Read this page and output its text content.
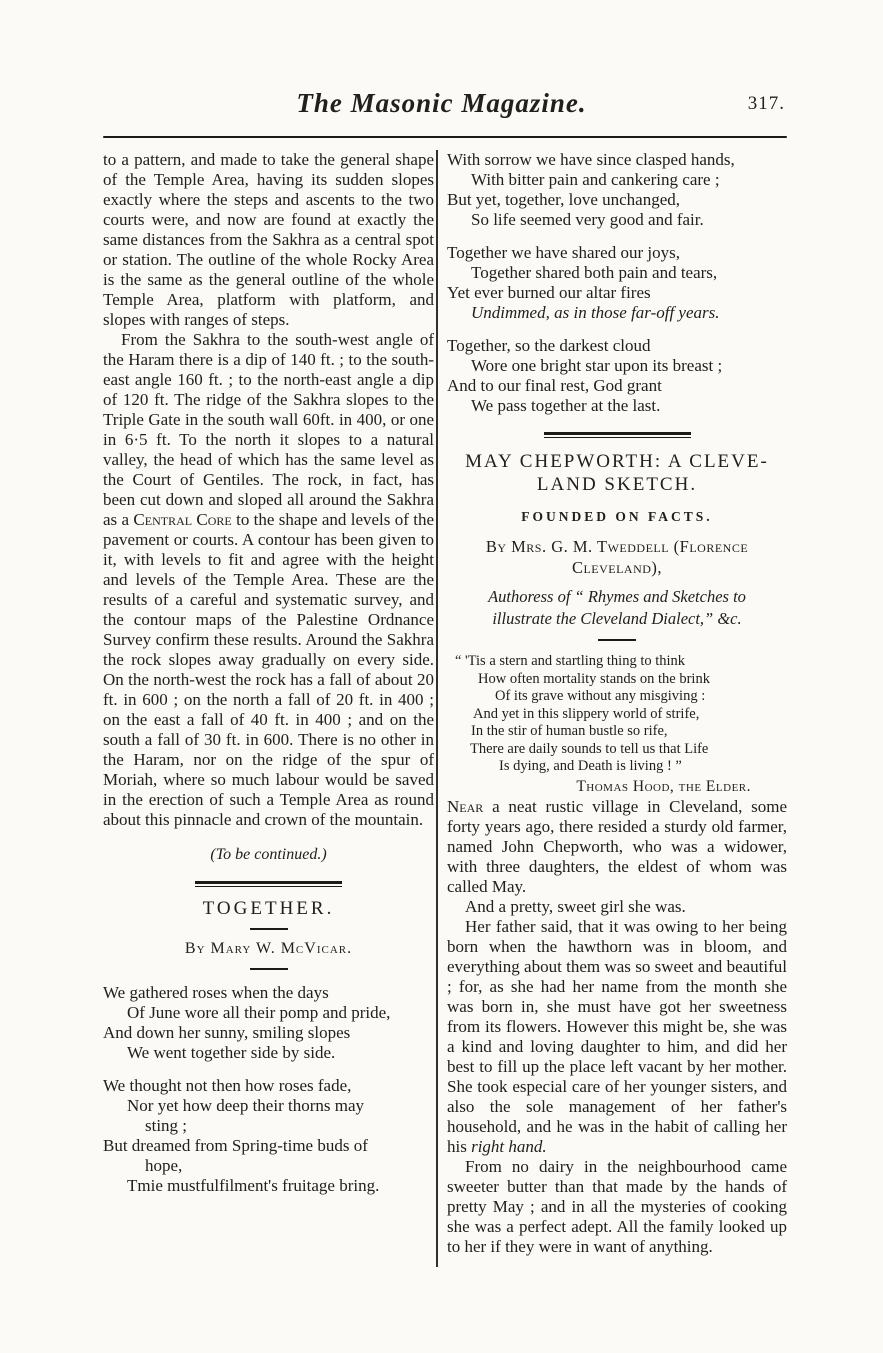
The Masonic Magazine.	317.

to a pattern, and made to take the general shape of the Temple Area, having its sudden slopes exactly where the steps and ascents to the two courts were, and now are found at exactly the same distances from the Sakhra as a central spot or station. The outline of the whole Rocky Area is the same as the general outline of the whole Temple Area, platform with platform, and slopes with ranges of steps.

From the Sakhra to the south-west angle of the Haram there is a dip of 140 ft. ; to the south-east angle 160 ft. ; to the north-east angle a dip of 120 ft. The ridge of the Sakhra slopes to the Triple Gate in the south wall 60ft. in 400, or one in 6·5 ft. To the north it slopes to a natural valley, the head of which has the same level as the Court of Gentiles. The rock, in fact, has been cut down and sloped all around the Sakhra as a Central Core to the shape and levels of the pavement or courts. A contour has been given to it, with levels to fit and agree with the height and levels of the Temple Area. These are the results of a careful and systematic survey, and the contour maps of the Palestine Ordnance Survey confirm these results. Around the Sakhra the rock slopes away gradually on every side. On the north-west the rock has a fall of about 20 ft. in 600 ; on the north a fall of 20 ft. in 400 ; on the east a fall of 40 ft. in 400 ; and on the south a fall of 30 ft. in 600. There is no other in the Haram, nor on the ridge of the spur of Moriah, where so much labour would be saved in the erection of such a Temple Area as round about this pinnacle and crown of the mountain.

(To be continued.)

TOGETHER.
By Mary W. McVicar.
We gathered roses when the days
Of June wore all their pomp and pride,
And down her sunny, smiling slopes
We went together side by side.
We thought not then how roses fade,
Nor yet how deep their thorns may
sting ;
But dreamed from Spring-time buds of
hope,
Tmie mustfulfilment's fruitage bring.
With sorrow we have since clasped hands,
With bitter pain and cankering care ;
But yet, together, love unchanged,
So life seemed very good and fair.
Together we have shared our joys,
Together shared both pain and tears,
Yet ever burned our altar fires
Undimmed, as in those far-off years.
Together, so the darkest cloud
Wore one bright star upon its breast ;
And to our final rest, God grant
We pass together at the last.
MAY CHEPWORTH: A CLEVE-
LAND SKETCH.
FOUNDED ON FACTS.
By Mrs. G. M. Tweddell (Florence
Cleveland),
Authoress of “ Rhymes and Sketches to
illustrate the Cleveland Dialect,” &c.
“ 'Tis a stern and startling thing to think
How often mortality stands on the brink
Of its grave without any misgiving :
And yet in this slippery world of strife,
In the stir of human bustle so rife,
There are daily sounds to tell us that Life
Is dying, and Death is living ! ”
Thomas Hood, the Elder.

Near a neat rustic village in Cleveland, some forty years ago, there resided a sturdy old farmer, named John Chepworth, who was a widower, with three daughters, the eldest of whom was called May.

And a pretty, sweet girl she was.

Her father said, that it was owing to her being born when the hawthorn was in bloom, and everything about them was so sweet and beautiful ; for, as she had her name from the month she was born in, she must have got her sweetness from its flowers. However this might be, she was a kind and loving daughter to him, and did her best to fill up the place left vacant by her mother. She took especial care of her younger sisters, and also the sole management of her father's household, and he was in the habit of calling her his right hand.

From no dairy in the neighbourhood came sweeter butter than that made by the hands of pretty May ; and in all the mysteries of cooking she was a perfect adept. All the family looked up to her if they were in want of anything.
